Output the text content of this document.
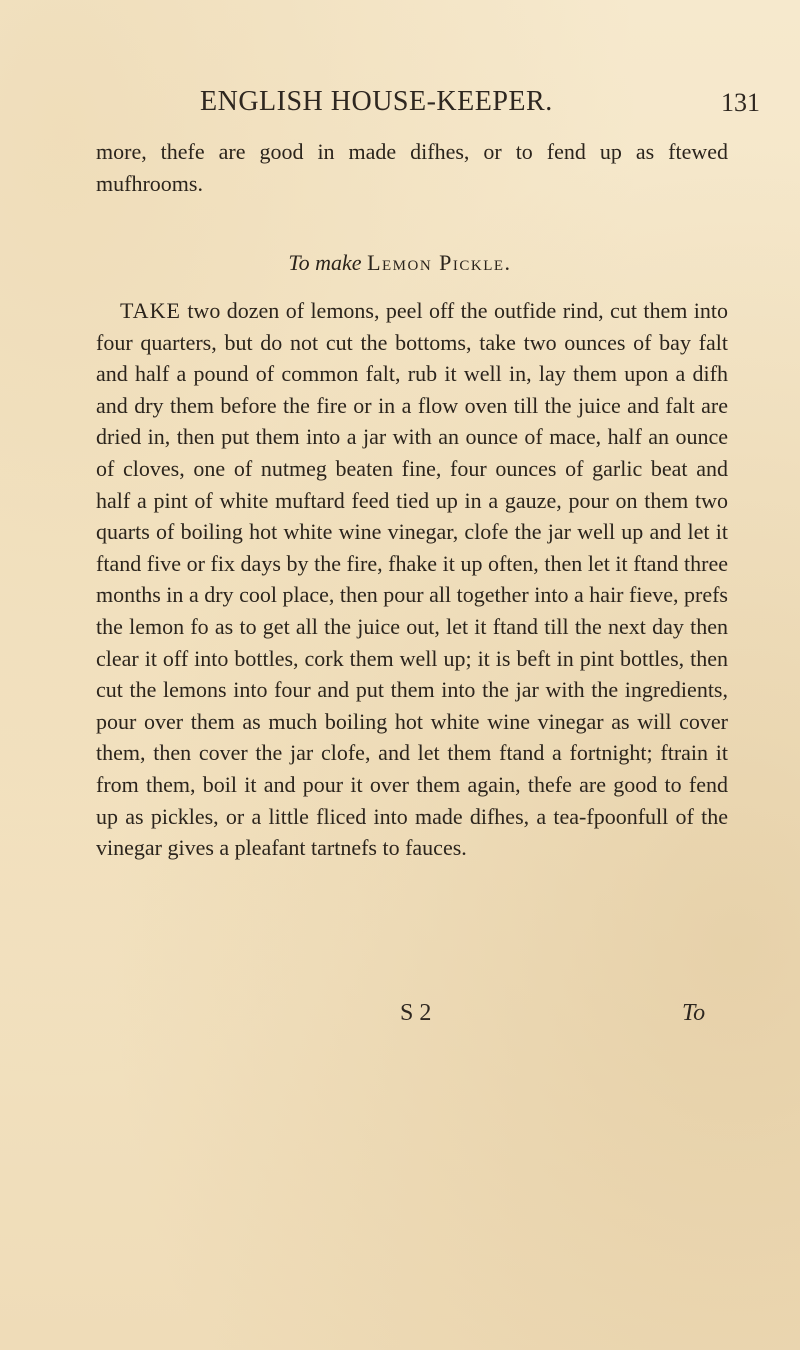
ENGLISH HOUSE-KEEPER.	131

more, thefe are good in made difhes, or to fend up as ftewed mufhrooms.

To make Lemon Pickle.

TAKE two dozen of lemons, peel off the outfide rind, cut them into four quarters, but do not cut the bottoms, take two ounces of bay falt and half a pound of common falt, rub it well in, lay them upon a difh and dry them before the fire or in a flow oven till the juice and falt are dried in, then put them into a jar with an ounce of mace, half an ounce of cloves, one of nutmeg beaten fine, four ounces of garlic beat and half a pint of white muftard feed tied up in a gauze, pour on them two quarts of boiling hot white wine vinegar, clofe the jar well up and let it ftand five or fix days by the fire, fhake it up often, then let it ftand three months in a dry cool place, then pour all together into a hair fieve, prefs the lemon fo as to get all the juice out, let it ftand till the next day then clear it off into bottles, cork them well up; it is beft in pint bottles, then cut the lemons into four and put them into the jar with the ingredients, pour over them as much boiling hot white wine vinegar as will cover them, then cover the jar clofe, and let them ftand a fortnight; ftrain it from them, boil it and pour it over them again, thefe are good to fend up as pickles, or a little fliced into made difhes, a tea-fpoonfull of the vinegar gives a pleafant tartnefs to fauces.

S 2	To
